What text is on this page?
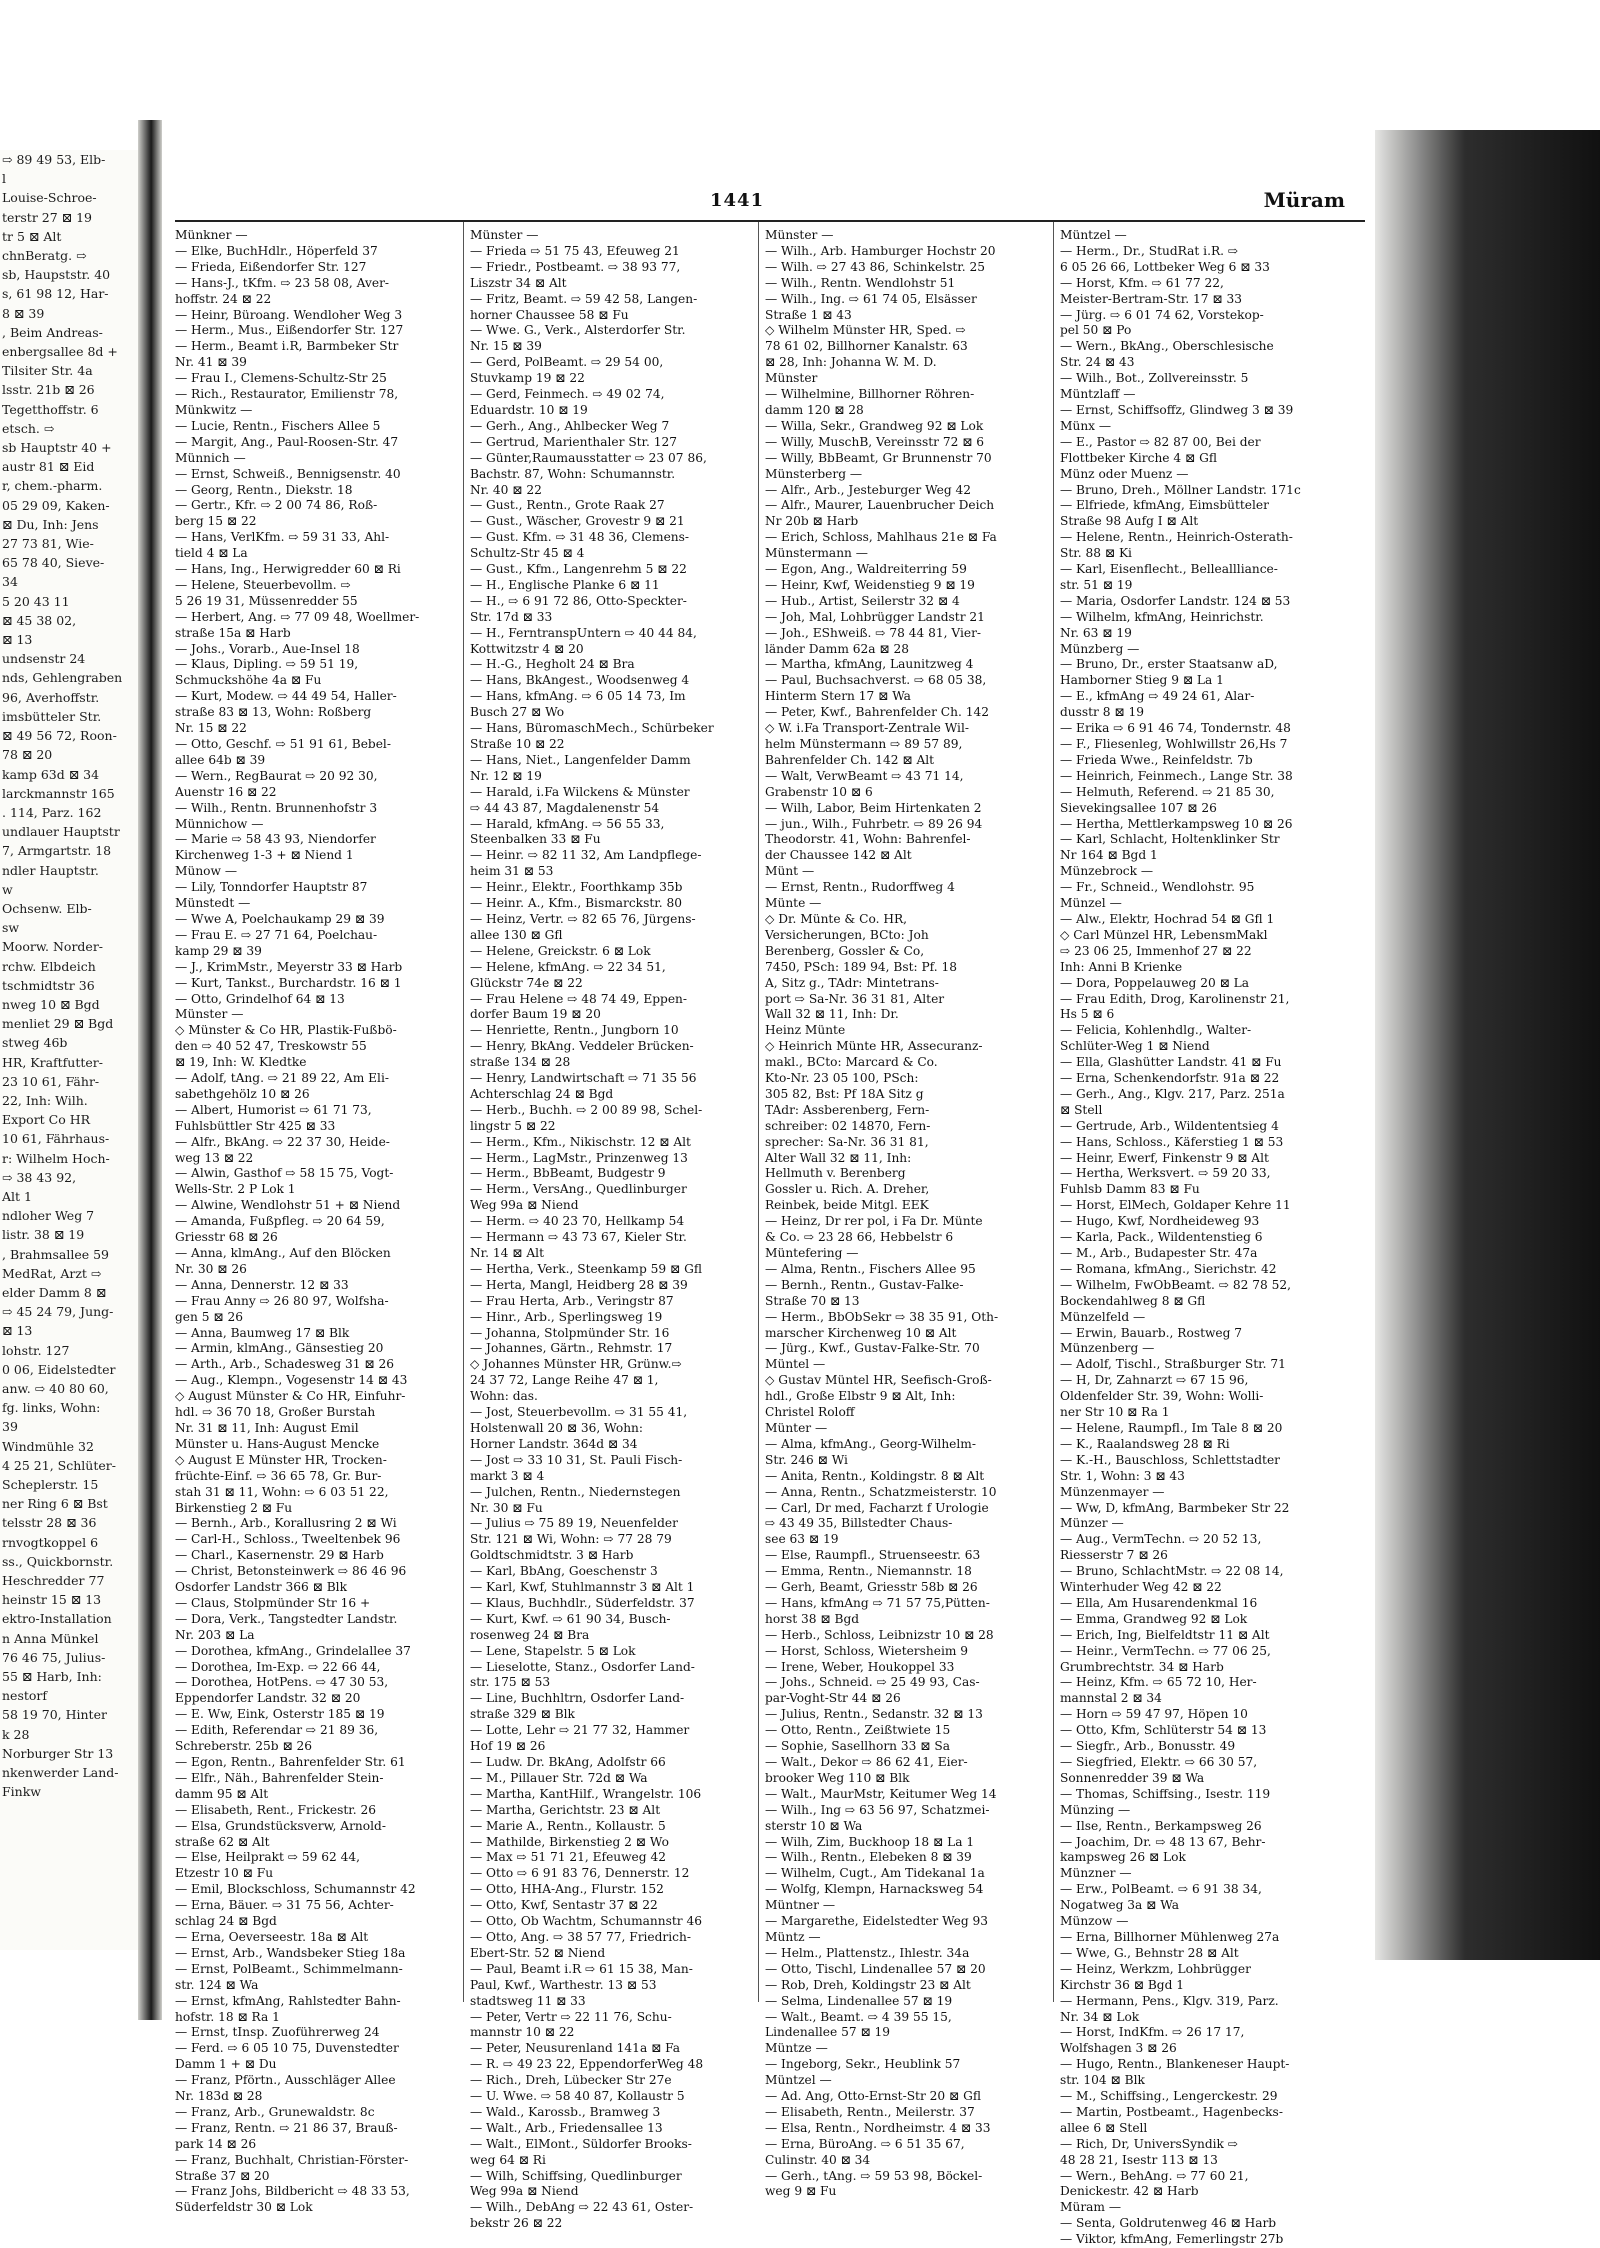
⇨ 89 49 53, Elb-
l
Louise-Schroe-
terstr 27 ⊠ 19
tr 5 ⊠ Alt
chnBeratg. ⇨
sb, Haupststr. 40
s, 61 98 12, Har-
8 ⊠ 39
, Beim Andreas-
enbergsallee 8d +
Tilsiter Str. 4a
lsstr. 21b ⊠ 26
Tegetthoffstr. 6
etsch. ⇨
sb Hauptstr 40 +
austr 81 ⊠ Eid
r, chem.-pharm.
05 29 09, Kaken-
⊠ Du, Inh: Jens
27 73 81, Wie-
65 78 40, Sieve-
34
5 20 43 11
⊠ 45 38 02,
⊠ 13
undsenstr 24
nds, Gehlengraben
96, Averhoffstr.
imsbütteler Str.
⊠ 49 56 72, Roon-
78 ⊠ 20
kamp 63d ⊠ 34
larckmannstr 165
. 114, Parz. 162
undlauer Hauptstr
7, Armgartstr. 18
ndler Hauptstr.
w
Ochsenw. Elb-
sw
Moorw. Norder-
rchw. Elbdeich
tschmidtstr 36
nweg 10 ⊠ Bgd
menliet 29 ⊠ Bgd
stweg 46b
HR, Kraftfutter-
23 10 61, Fähr-
22, Inh: Wilh.
Export Co HR
10 61, Fährhaus-
r: Wilhelm Hoch-
⇨ 38 43 92,
Alt 1
ndloher Weg 7
listr. 38 ⊠ 19
, Brahmsallee 59
MedRat, Arzt ⇨
elder Damm 8 ⊠
⇨ 45 24 79, Jung-
⊠ 13
lohstr. 127
0 06, Eidelstedter
anw. ⇨ 40 80 60,
fg. links, Wohn:
39
Windmühle 32
4 25 21, Schlüter-
Scheplerstr. 15
ner Ring 6 ⊠ Bst
telsstr 28 ⊠ 36
rnvogtkoppel 6
ss., Quickbornstr.
Heschredder 77
heinstr 15 ⊠ 13
ektro-Installation
n Anna Münkel
76 46 75, Julius-
55 ⊠ Harb, Inh:
nestorf
58 19 70, Hinter
k 28
Norburger Str 13
nkenwerder Land-
Finkw
1441	Müram
Münkner —
— Elke, BuchHdlr., Höperfeld 37
— Frieda, Eißendorfer Str. 127
— Hans-J., tKfm. ⇨ 23 58 08, Aver-
hoffstr. 24 ⊠ 22
— Heinr, Büroang. Wendloher Weg 3
— Herm., Mus., Eißendorfer Str. 127
— Herm., Beamt i.R, Barmbeker Str
Nr. 41 ⊠ 39
— Frau I., Clemens-Schultz-Str 25
— Rich., Restaurator, Emilienstr 78,
Münkwitz —
— Lucie, Rentn., Fischers Allee 5
— Margit, Ang., Paul-Roosen-Str. 47
Münnich —
— Ernst, Schweiß., Bennigsenstr. 40
— Georg, Rentn., Diekstr. 18
— Gertr., Kfr. ⇨ 2 00 74 86, Roß-
berg 15 ⊠ 22
— Hans, VerlKfm. ⇨ 59 31 33, Ahl-
tield 4 ⊠ La
— Hans, Ing., Herwigredder 60 ⊠ Ri
— Helene, Steuerbevollm. ⇨
5 26 19 31, Müssenredder 55
— Herbert, Ang. ⇨ 77 09 48, Woellmer-
straße 15a ⊠ Harb
— Johs., Vorarb., Aue-Insel 18
— Klaus, Dipling. ⇨ 59 51 19,
Schmuckshöhe 4a ⊠ Fu
— Kurt, Modew. ⇨ 44 49 54, Haller-
straße 83 ⊠ 13, Wohn: Roßberg
Nr. 15 ⊠ 22
— Otto, Geschf. ⇨ 51 91 61, Bebel-
allee 64b ⊠ 39
— Wern., RegBaurat ⇨ 20 92 30,
Auenstr 16 ⊠ 22
— Wilh., Rentn. Brunnenhofstr 3
Münnichow —
— Marie ⇨ 58 43 93, Niendorfer
Kirchenweg 1-3 + ⊠ Niend 1
Münow —
— Lily, Tonndorfer Hauptstr 87
Münstedt —
— Wwe A, Poelchaukamp 29 ⊠ 39
— Frau E. ⇨ 27 71 64, Poelchau-
kamp 29 ⊠ 39
— J., KrimMstr., Meyerstr 33 ⊠ Harb
— Kurt, Tankst., Burchardstr. 16 ⊠ 1
— Otto, Grindelhof 64 ⊠ 13
Münster —
◇ Münster & Co HR, Plastik-Fußbö-
den ⇨ 40 52 47, Treskowstr 55
⊠ 19, Inh: W. Kledtke
— Adolf, tAng. ⇨ 21 89 22, Am Eli-
sabethgehölz 10 ⊠ 26
— Albert, Humorist ⇨ 61 71 73,
Fuhlsbüttler Str 425 ⊠ 33
— Alfr., BkAng. ⇨ 22 37 30, Heide-
weg 13 ⊠ 22
— Alwin, Gasthof ⇨ 58 15 75, Vogt-
Wells-Str. 2 P Lok 1
— Alwine, Wendlohstr 51 + ⊠ Niend
— Amanda, Fußpfleg. ⇨ 20 64 59,
Griesstr 68 ⊠ 26
— Anna, klmAng., Auf den Blöcken
Nr. 30 ⊠ 26
— Anna, Dennerstr. 12 ⊠ 33
— Frau Anny ⇨ 26 80 97, Wolfsha-
gen 5 ⊠ 26
— Anna, Baumweg 17 ⊠ Blk
— Armin, klmAng., Gänsestieg 20
— Arth., Arb., Schadesweg 31 ⊠ 26
— Aug., Klempn., Vogesenstr 14 ⊠ 43
◇ August Münster & Co HR, Einfuhr-
hdl. ⇨ 36 70 18, Großer Burstah
Nr. 31 ⊠ 11, Inh: August Emil
Münster u. Hans-August Mencke
◇ August E Münster HR, Trocken-
früchte-Einf. ⇨ 36 65 78, Gr. Bur-
stah 31 ⊠ 11, Wohn: ⇨ 6 03 51 22,
Birkenstieg 2 ⊠ Fu
— Bernh., Arb., Korallusring 2 ⊠ Wi
— Carl-H., Schloss., Tweeltenbek 96
— Charl., Kasernenstr. 29 ⊠ Harb
— Christ, Betonsteinwerk ⇨ 86 46 96
Osdorfer Landstr 366 ⊠ Blk
— Claus, Stolpmünder Str 16 +
— Dora, Verk., Tangstedter Landstr.
Nr. 203 ⊠ La
— Dorothea, kfmAng., Grindelallee 37
— Dorothea, Im-Exp. ⇨ 22 66 44,
— Dorothea, HotPens. ⇨ 47 30 53,
Eppendorfer Landstr. 32 ⊠ 20
— E. Ww, Eink, Osterstr 185 ⊠ 19
— Edith, Referendar ⇨ 21 89 36,
Schreberstr. 25b ⊠ 26
— Egon, Rentn., Bahrenfelder Str. 61
— Elfr., Näh., Bahrenfelder Stein-
damm 95 ⊠ Alt
— Elisabeth, Rent., Frickestr. 26
— Elsa, Grundstücksverw, Arnold-
straße 62 ⊠ Alt
— Else, Heilprakt ⇨ 59 62 44,
Etzestr 10 ⊠ Fu
— Emil, Blockschloss, Schumannstr 42
— Erna, Bäuer. ⇨ 31 75 56, Achter-
schlag 24 ⊠ Bgd
— Erna, Oeverseestr. 18a ⊠ Alt
— Ernst, Arb., Wandsbeker Stieg 18a
— Ernst, PolBeamt., Schimmelmann-
str. 124 ⊠ Wa
— Ernst, kfmAng, Rahlstedter Bahn-
hofstr. 18 ⊠ Ra 1
— Ernst, tInsp. Zuoführerweg 24
— Ferd. ⇨ 6 05 10 75, Duvenstedter
Damm 1 + ⊠ Du
— Franz, Pförtn., Ausschläger Allee
Nr. 183d ⊠ 28
— Franz, Arb., Grunewaldstr. 8c
— Franz, Rentn. ⇨ 21 86 37, Brauß-
park 14 ⊠ 26
— Franz, Buchhalt, Christian-Förster-
Straße 37 ⊠ 20
— Franz Johs, Bildbericht ⇨ 48 33 53,
Süderfeldstr 30 ⊠ Lok
Münster —
— Frieda ⇨ 51 75 43, Efeuweg 21
— Friedr., Postbeamt. ⇨ 38 93 77,
Liszstr 34 ⊠ Alt
— Fritz, Beamt. ⇨ 59 42 58, Langen-
horner Chaussee 58 ⊠ Fu
— Wwe. G., Verk., Alsterdorfer Str.
Nr. 15 ⊠ 39
— Gerd, PolBeamt. ⇨ 29 54 00,
Stuvkamp 19 ⊠ 22
— Gerd, Feinmech. ⇨ 49 02 74,
Eduardstr. 10 ⊠ 19
— Gerh., Ang., Ahlbecker Weg 7
— Gertrud, Marienthaler Str. 127
— Günter,Raumausstatter ⇨ 23 07 86,
Bachstr. 87, Wohn: Schumannstr.
Nr. 40 ⊠ 22
— Gust., Rentn., Grote Raak 27
— Gust., Wäscher, Grovestr 9 ⊠ 21
— Gust. Kfm. ⇨ 31 48 36, Clemens-
Schultz-Str 45 ⊠ 4
— Gust., Kfm., Langenrehm 5 ⊠ 22
— H., Englische Planke 6 ⊠ 11
— H., ⇨ 6 91 72 86, Otto-Speckter-
Str. 17d ⊠ 33
— H., FerntranspUntern ⇨ 40 44 84,
Kottwitzstr 4 ⊠ 20
— H.-G., Hegholt 24 ⊠ Bra
— Hans, BkAngest., Woodsenweg 4
— Hans, kfmAng. ⇨ 6 05 14 73, Im
Busch 27 ⊠ Wo
— Hans, BüromaschMech., Schürbeker
Straße 10 ⊠ 22
— Hans, Niet., Langenfelder Damm
Nr. 12 ⊠ 19
— Harald, i.Fa Wilckens & Münster
⇨ 44 43 87, Magdalenenstr 54
— Harald, kfmAng. ⇨ 56 55 33,
Steenbalken 33 ⊠ Fu
— Heinr. ⇨ 82 11 32, Am Landpflege-
heim 31 ⊠ 53
— Heinr., Elektr., Foorthkamp 35b
— Heinr. A., Kfm., Bismarckstr. 80
— Heinz, Vertr. ⇨ 82 65 76, Jürgens-
allee 130 ⊠ Gfl
— Helene, Greickstr. 6 ⊠ Lok
— Helene, kfmAng. ⇨ 22 34 51,
Glückstr 74e ⊠ 22
— Frau Helene ⇨ 48 74 49, Eppen-
dorfer Baum 19 ⊠ 20
— Henriette, Rentn., Jungborn 10
— Henry, BkAng. Veddeler Brücken-
straße 134 ⊠ 28
— Henry, Landwirtschaft ⇨ 71 35 56
Achterschlag 24 ⊠ Bgd
— Herb., Buchh. ⇨ 2 00 89 98, Schel-
lingstr 5 ⊠ 22
— Herm., Kfm., Nikischstr. 12 ⊠ Alt
— Herm., LagMstr., Prinzenweg 13
— Herm., BbBeamt, Budgestr 9
— Herm., VersAng., Quedlinburger
Weg 99a ⊠ Niend
— Herm. ⇨ 40 23 70, Hellkamp 54
— Hermann ⇨ 43 73 67, Kieler Str.
Nr. 14 ⊠ Alt
— Hertha, Verk., Steenkamp 59 ⊠ Gfl
— Herta, Mangl, Heidberg 28 ⊠ 39
— Frau Herta, Arb., Veringstr 87
— Hinr., Arb., Sperlingsweg 19
— Johanna, Stolpmünder Str. 16
— Johannes, Gärtn., Rehmstr. 17
◇ Johannes Münster HR, Grünw.⇨
24 37 72, Lange Reihe 47 ⊠ 1,
Wohn: das.
— Jost, Steuerbevollm. ⇨ 31 55 41,
Holstenwall 20 ⊠ 36, Wohn:
Horner Landstr. 364d ⊠ 34
— Jost ⇨ 33 10 31, St. Pauli Fisch-
markt 3 ⊠ 4
— Julchen, Rentn., Niedernstegen
Nr. 30 ⊠ Fu
— Julius ⇨ 75 89 19, Neuenfelder
Str. 121 ⊠ Wi, Wohn: ⇨ 77 28 79
Goldtschmidtstr. 3 ⊠ Harb
— Karl, BbAng, Goeschenstr 3
— Karl, Kwf, Stuhlmannstr 3 ⊠ Alt 1
— Klaus, Buchhdlr., Süderfeldstr. 37
— Kurt, Kwf. ⇨ 61 90 34, Busch-
rosenweg 24 ⊠ Bra
— Lene, Stapelstr. 5 ⊠ Lok
— Lieselotte, Stanz., Osdorfer Land-
str. 175 ⊠ 53
— Line, Buchhltrn, Osdorfer Land-
straße 329 ⊠ Blk
— Lotte, Lehr ⇨ 21 77 32, Hammer
Hof 19 ⊠ 26
— Ludw. Dr. BkAng, Adolfstr 66
— M., Pillauer Str. 72d ⊠ Wa
— Martha, KantHilf., Wrangelstr. 106
— Martha, Gerichtstr. 23 ⊠ Alt
— Marie A., Rentn., Kollaustr. 5
— Mathilde, Birkenstieg 2 ⊠ Wo
— Max ⇨ 51 71 21, Efeuweg 42
— Otto ⇨ 6 91 83 76, Dennerstr. 12
— Otto, HHA-Ang., Flurstr. 152
— Otto, Kwf, Sentastr 37 ⊠ 22
— Otto, Ob Wachtm, Schumannstr 46
— Otto, Ang. ⇨ 38 57 77, Friedrich-
Ebert-Str. 52 ⊠ Niend
— Paul, Beamt i.R ⇨ 61 15 38, Man-
Paul, Kwf., Warthestr. 13 ⊠ 53
stadtsweg 11 ⊠ 33
— Peter, Vertr ⇨ 22 11 76, Schu-
mannstr 10 ⊠ 22
— Peter, Neusurenland 141a ⊠ Fa
— R. ⇨ 49 23 22, EppendorferWeg 48
— Rich., Dreh, Lübecker Str 27e
— U. Wwe. ⇨ 58 40 87, Kollaustr 5
— Wald., Karossb., Bramweg 3
— Walt., Arb., Friedensallee 13
— Walt., ElMont., Süldorfer Brooks-
weg 64 ⊠ Ri
— Wilh, Schiffsing, Quedlinburger
Weg 99a ⊠ Niend
— Wilh., DebAng ⇨ 22 43 61, Oster-
bekstr 26 ⊠ 22
Münster —
— Wilh., Arb. Hamburger Hochstr 20
— Wilh. ⇨ 27 43 86, Schinkelstr. 25
— Wilh., Rentn. Wendlohstr 51
— Wilh., Ing. ⇨ 61 74 05, Elsässer
Straße 1 ⊠ 43
◇ Wilhelm Münster HR, Sped. ⇨
78 61 02, Billhorner Kanalstr. 63
⊠ 28, Inh: Johanna W. M. D.
Münster
— Wilhelmine, Billhorner Röhren-
damm 120 ⊠ 28
— Willa, Sekr., Grandweg 92 ⊠ Lok
— Willy, MuschB, Vereinsstr 72 ⊠ 6
— Willy, BbBeamt, Gr Brunnenstr 70
Münsterberg —
— Alfr., Arb., Jesteburger Weg 42
— Alfr., Maurer, Lauenbrucher Deich
Nr 20b ⊠ Harb
— Erich, Schloss, Mahlhaus 21e ⊠ Fa
Münstermann —
— Egon, Ang., Waldreiterring 59
— Heinr, Kwf, Weidenstieg 9 ⊠ 19
— Hub., Artist, Seilerstr 32 ⊠ 4
— Joh, Mal, Lohbrügger Landstr 21
— Joh., EShweiß. ⇨ 78 44 81, Vier-
länder Damm 62a ⊠ 28
— Martha, kfmAng, Launitzweg 4
— Paul, Buchsachverst. ⇨ 68 05 38,
Hinterm Stern 17 ⊠ Wa
— Peter, Kwf., Bahrenfelder Ch. 142
◇ W. i.Fa Transport-Zentrale Wil-
helm Münstermann ⇨ 89 57 89,
Bahrenfelder Ch. 142 ⊠ Alt
— Walt, VerwBeamt ⇨ 43 71 14,
Grabenstr 10 ⊠ 6
— Wilh, Labor, Beim Hirtenkaten 2
— jun., Wilh., Fuhrbetr. ⇨ 89 26 94
Theodorstr. 41, Wohn: Bahrenfel-
der Chaussee 142 ⊠ Alt
Münt —
— Ernst, Rentn., Rudorffweg 4
Münte —
◇ Dr. Münte & Co. HR,
Versicherungen, BCto: Joh
Berenberg, Gossler & Co,
7450, PSch: 189 94, Bst: Pf. 18
A, Sitz g., TAdr: Mintetrans-
port ⇨ Sa-Nr. 36 31 81, Alter
Wall 32 ⊠ 11, Inh: Dr.
Heinz Münte
◇ Heinrich Münte HR, Assecuranz-
makl., BCto: Marcard & Co.
Kto-Nr. 23 05 100, PSch:
305 82, Bst: Pf 18A Sitz g
TAdr: Assberenberg, Fern-
schreiber: 02 14870, Fern-
sprecher: Sa-Nr. 36 31 81,
Alter Wall 32 ⊠ 11, Inh:
Hellmuth v. Berenberg
Gossler u. Rich. A. Dreher,
Reinbek, beide Mitgl. EEK
— Heinz, Dr rer pol, i Fa Dr. Münte
& Co. ⇨ 23 28 66, Hebbelstr 6
Müntefering —
— Alma, Rentn., Fischers Allee 95
— Bernh., Rentn., Gustav-Falke-
Straße 70 ⊠ 13
— Herm., BbObSekr ⇨ 38 35 91, Oth-
marscher Kirchenweg 10 ⊠ Alt
— Jürg., Kwf., Gustav-Falke-Str. 70
Müntel —
◇ Gustav Müntel HR, Seefisch-Groß-
hdl., Große Elbstr 9 ⊠ Alt, Inh:
Christel Roloff
Münter —
— Alma, kfmAng., Georg-Wilhelm-
Str. 246 ⊠ Wi
— Anita, Rentn., Koldingstr. 8 ⊠ Alt
— Anna, Rentn., Schatzmeisterstr. 10
— Carl, Dr med, Facharzt f Urologie
⇨ 43 49 35, Billstedter Chaus-
see 63 ⊠ 19
— Else, Raumpfl., Struenseestr. 63
— Emma, Rentn., Niemannstr. 18
— Gerh, Beamt, Griesstr 58b ⊠ 26
— Hans, kfmAng ⇨ 71 57 75,Pütten-
horst 38 ⊠ Bgd
— Herb., Schloss, Leibnizstr 10 ⊠ 28
— Horst, Schloss, Wietersheim 9
— Irene, Weber, Houkoppel 33
— Johs., Schneid. ⇨ 25 49 93, Cas-
par-Voght-Str 44 ⊠ 26
— Julius, Rentn., Sedanstr. 32 ⊠ 13
— Otto, Rentn., Zeißtwiete 15
— Sophie, Sasellhorn 33 ⊠ Sa
— Walt., Dekor ⇨ 86 62 41, Eier-
brooker Weg 110 ⊠ Blk
— Walt., MaurMstr, Keitumer Weg 14
— Wilh., Ing ⇨ 63 56 97, Schatzmei-
sterstr 10 ⊠ Wa
— Wilh, Zim, Buckhoop 18 ⊠ La 1
— Wilh., Rentn., Elebeken 8 ⊠ 39
— Wilhelm, Cugt., Am Tidekanal 1a
— Wolfg, Klempn, Harnacksweg 54
Müntner —
— Margarethe, Eidelstedter Weg 93
Müntz —
— Helm., Plattenstz., Ihlestr. 34a
— Otto, Tischl, Lindenallee 57 ⊠ 20
— Rob, Dreh, Koldingstr 23 ⊠ Alt
— Selma, Lindenallee 57 ⊠ 19
— Walt., Beamt. ⇨ 4 39 55 15,
Lindenallee 57 ⊠ 19
Müntze —
— Ingeborg, Sekr., Heublink 57
Müntzel —
— Ad. Ang, Otto-Ernst-Str 20 ⊠ Gfl
— Elisabeth, Rentn., Meilerstr. 37
— Elsa, Rentn., Nordheimstr. 4 ⊠ 33
— Erna, BüroAng. ⇨ 6 51 35 67,
Culinstr. 40 ⊠ 34
— Gerh., tAng. ⇨ 59 53 98, Böckel-
weg 9 ⊠ Fu
Müntzel —
— Herm., Dr., StudRat i.R. ⇨
6 05 26 66, Lottbeker Weg 6 ⊠ 33
— Horst, Kfm. ⇨ 61 77 22,
Meister-Bertram-Str. 17 ⊠ 33
— Jürg. ⇨ 6 01 74 62, Vorstekop-
pel 50 ⊠ Po
— Wern., BkAng., Oberschlesische
Str. 24 ⊠ 43
— Wilh., Bot., Zollvereinsstr. 5
Müntzlaff —
— Ernst, Schiffsoffz, Glindweg 3 ⊠ 39
Münx —
— E., Pastor ⇨ 82 87 00, Bei der
Flottbeker Kirche 4 ⊠ Gfl
Münz oder Muenz —
— Bruno, Dreh., Möllner Landstr. 171c
— Elfriede, kfmAng, Eimsbütteler
Straße 98 Aufg I ⊠ Alt
— Helene, Rentn., Heinrich-Osterath-
Str. 88 ⊠ Ki
— Karl, Eisenflecht., Belleallliance-
str. 51 ⊠ 19
— Maria, Osdorfer Landstr. 124 ⊠ 53
— Wilhelm, kfmAng, Heinrichstr.
Nr. 63 ⊠ 19
Münzberg —
— Bruno, Dr., erster Staatsanw aD,
Hamborner Stieg 9 ⊠ La 1
— E., kfmAng ⇨ 49 24 61, Alar-
dusstr 8 ⊠ 19
— Erika ⇨ 6 91 46 74, Tondernstr. 48
— F., Fliesenleg, Wohlwillstr 26,Hs 7
— Frieda Wwe., Reinfeldstr. 7b
— Heinrich, Feinmech., Lange Str. 38
— Helmuth, Referend. ⇨ 21 85 30,
Sievekingsallee 107 ⊠ 26
— Hertha, Mettlerkampsweg 10 ⊠ 26
— Karl, Schlacht, Holtenklinker Str
Nr 164 ⊠ Bgd 1
Münzebrock —
— Fr., Schneid., Wendlohstr. 95
Münzel —
— Alw., Elektr, Hochrad 54 ⊠ Gfl 1
◇ Carl Münzel HR, LebensmMakl
⇨ 23 06 25, Immenhof 27 ⊠ 22
Inh: Anni B Krienke
— Dora, Poppelauweg 20 ⊠ La
— Frau Edith, Drog, Karolinenstr 21,
Hs 5 ⊠ 6
— Felicia, Kohlenhdlg., Walter-
Schlüter-Weg 1 ⊠ Niend
— Ella, Glashütter Landstr. 41 ⊠ Fu
— Erna, Schenkendorfstr. 91a ⊠ 22
— Gerh., Ang., Klgv. 217, Parz. 251a
⊠ Stell
— Gertrude, Arb., Wildententsieg 4
— Hans, Schloss., Käferstieg 1 ⊠ 53
— Heinr, Ewerf, Finkenstr 9 ⊠ Alt
— Hertha, Werksvert. ⇨ 59 20 33,
Fuhlsb Damm 83 ⊠ Fu
— Horst, ElMech, Goldaper Kehre 11
— Hugo, Kwf, Nordheideweg 93
— Karla, Pack., Wildentenstieg 6
— M., Arb., Budapester Str. 47a
— Romana, kfmAng., Sierichstr. 42
— Wilhelm, FwObBeamt. ⇨ 82 78 52,
Bockendahlweg 8 ⊠ Gfl
Münzelfeld —
— Erwin, Bauarb., Rostweg 7
Münzenberg —
— Adolf, Tischl., Straßburger Str. 71
— H, Dr, Zahnarzt ⇨ 67 15 96,
Oldenfelder Str. 39, Wohn: Wolli-
ner Str 10 ⊠ Ra 1
— Helene, Raumpfl., Im Tale 8 ⊠ 20
— K., Raalandsweg 28 ⊠ Ri
— K.-H., Bauschloss, Schlettstadter
Str. 1, Wohn: 3 ⊠ 43
Münzenmayer —
— Ww, D, kfmAng, Barmbeker Str 22
Münzer —
— Aug., VermTechn. ⇨ 20 52 13,
Riesserstr 7 ⊠ 26
— Bruno, SchlachtMstr. ⇨ 22 08 14,
Winterhuder Weg 42 ⊠ 22
— Ella, Am Husarendenkmal 16
— Emma, Grandweg 92 ⊠ Lok
— Erich, Ing, Bielfeldtstr 11 ⊠ Alt
— Heinr., VermTechn. ⇨ 77 06 25,
Grumbrechtstr. 34 ⊠ Harb
— Heinz, Kfm. ⇨ 65 72 10, Her-
mannstal 2 ⊠ 34
— Horn ⇨ 59 47 97, Höpen 10
— Otto, Kfm, Schlüterstr 54 ⊠ 13
— Siegfr., Arb., Bonusstr. 49
— Siegfried, Elektr. ⇨ 66 30 57,
Sonnenredder 39 ⊠ Wa
— Thomas, Schiffsing., Isestr. 119
Münzing —
— Ilse, Rentn., Berkampsweg 26
— Joachim, Dr. ⇨ 48 13 67, Behr-
kampsweg 26 ⊠ Lok
Münzner —
— Erw., PolBeamt. ⇨ 6 91 38 34,
Nogatweg 3a ⊠ Wa
Münzow —
— Erna, Billhorner Mühlenweg 27a
— Wwe, G., Behnstr 28 ⊠ Alt
— Heinz, Werkzm, Lohbrügger
Kirchstr 36 ⊠ Bgd 1
— Hermann, Pens., Klgv. 319, Parz.
Nr. 34 ⊠ Lok
— Horst, IndKfm. ⇨ 26 17 17,
Wolfshagen 3 ⊠ 26
— Hugo, Rentn., Blankeneser Haupt-
str. 104 ⊠ Blk
— M., Schiffsing., Lengerckestr. 29
— Martin, Postbeamt., Hagenbecks-
allee 6 ⊠ Stell
— Rich, Dr, UniversSyndik ⇨
48 28 21, Isestr 113 ⊠ 13
— Wern., BehAng. ⇨ 77 60 21,
Denickestr. 42 ⊠ Harb
Müram —
— Senta, Goldrutenweg 46 ⊠ Harb
— Viktor, kfmAng, Femerlingstr 27b
